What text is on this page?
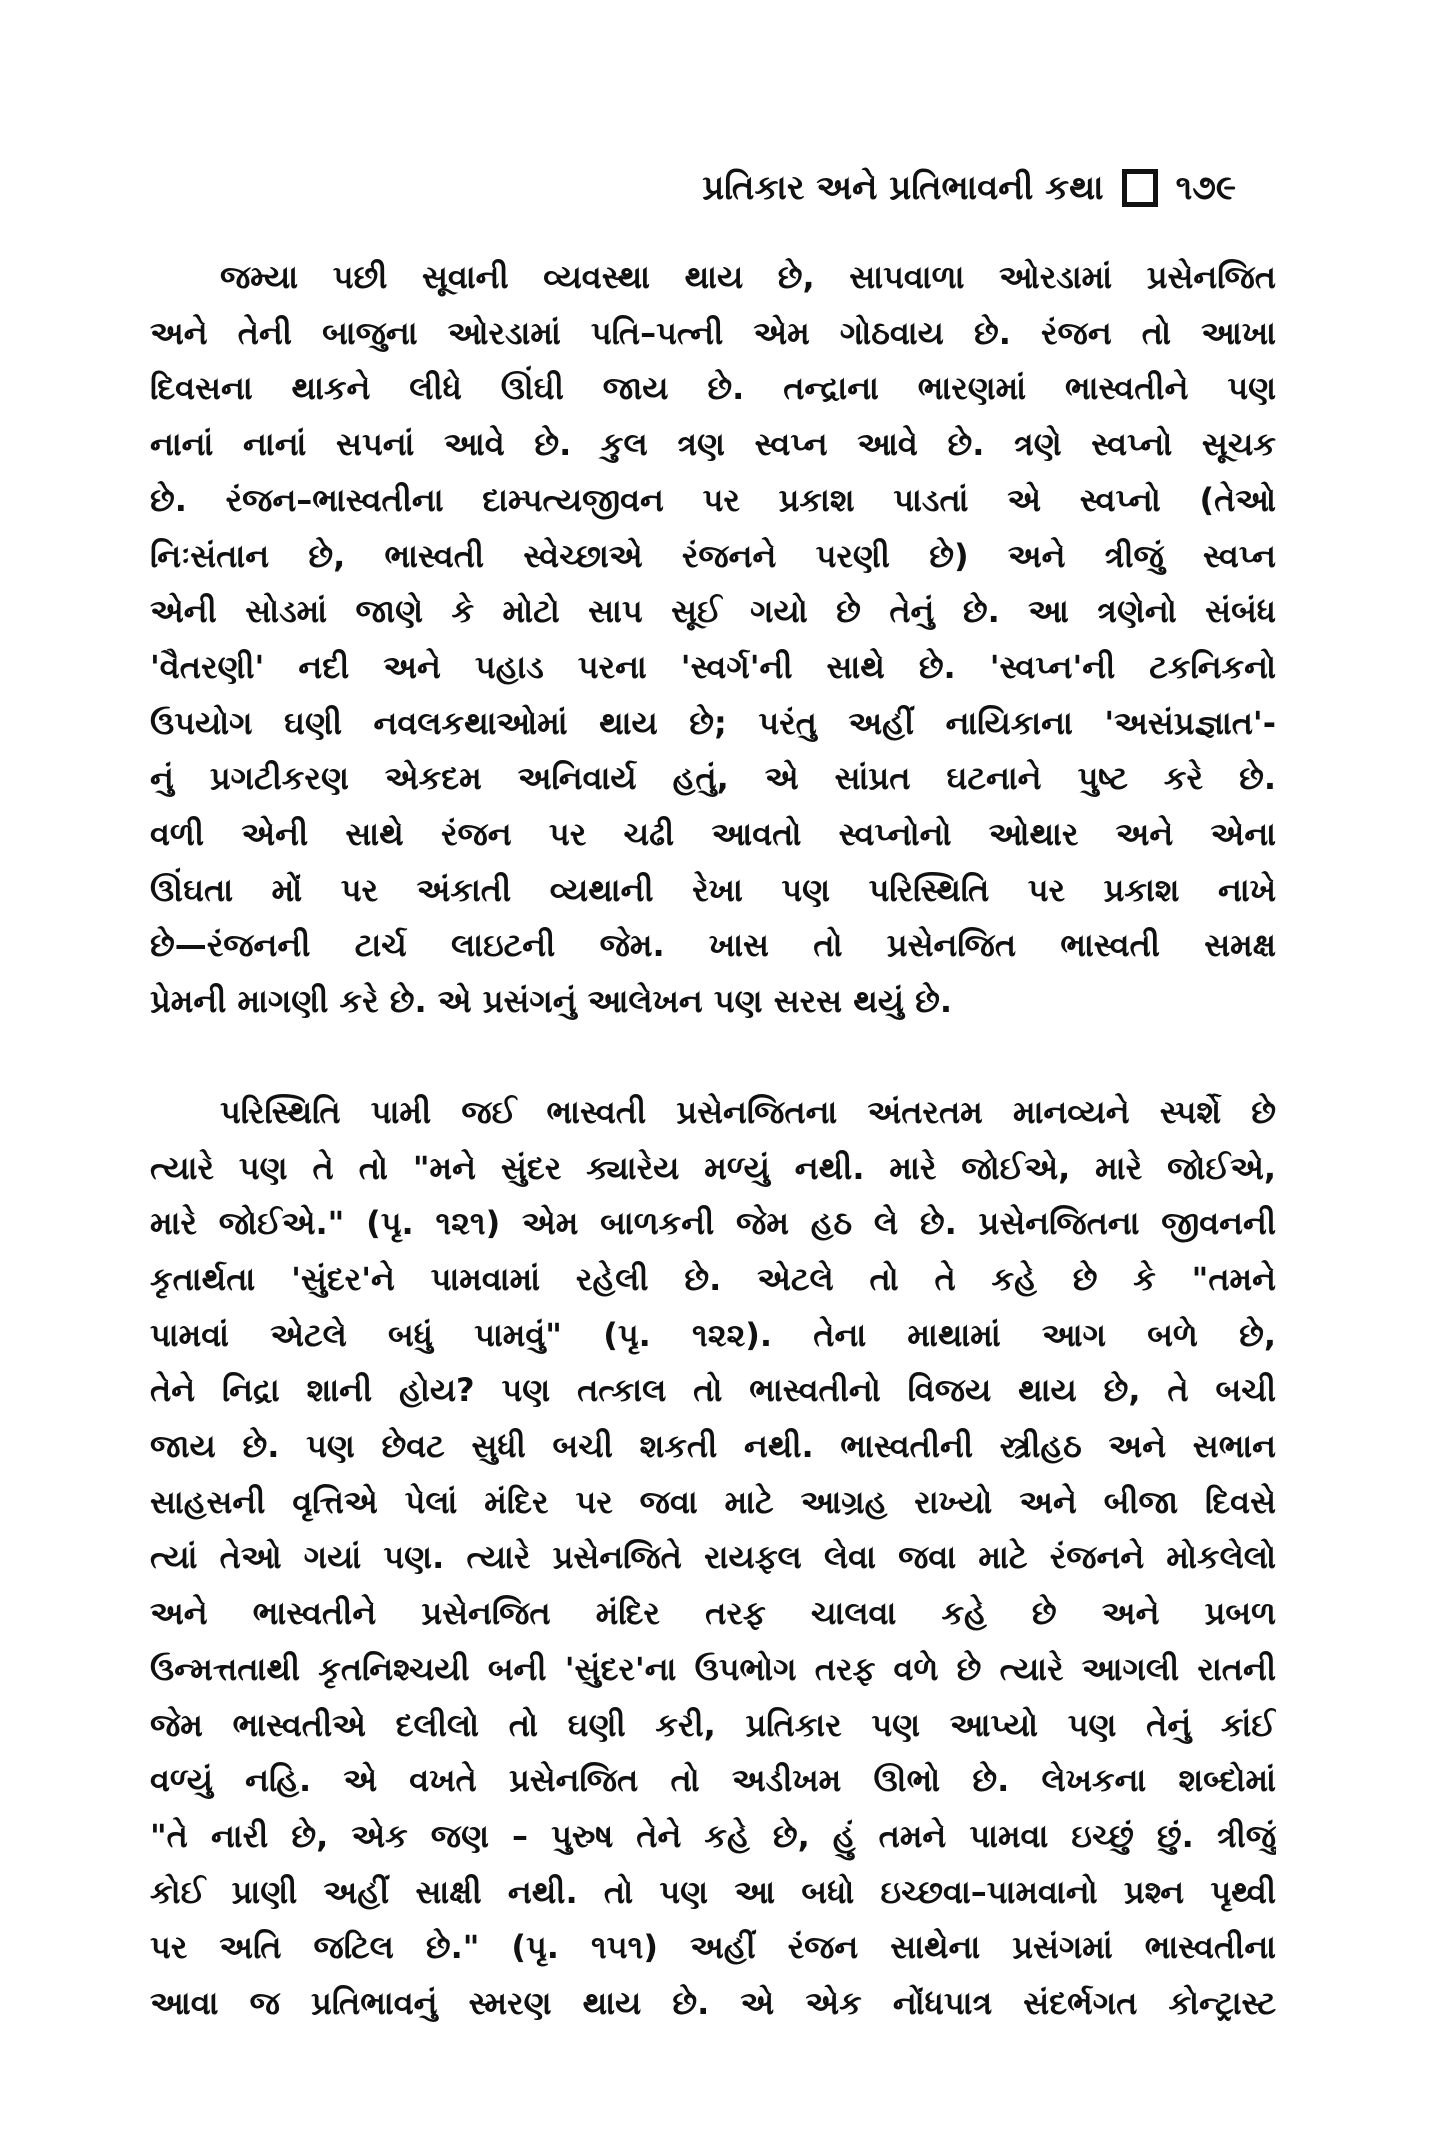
પ્રતિકાર અને પ્રતિભાવની કથા ૧૭૯

જમ્યા પછી સૂવાની વ્યવસ્થા થાય છે, સાપવાળા ઓરડામાં પ્રસેનજિત
અને તેની બાજુના ઓરડામાં પતિ–પત્ની એમ ગોઠવાય છે. રંજન તો આખા
દિવસના થાકને લીધે ઊંઘી જાય છે. તન્દ્રાના ભારણમાં ભાસ્વતીને પણ
નાનાં નાનાં સપનાં આવે છે. કુલ ત્રણ સ્વપ્ન આવે છે. ત્રણે સ્વપ્નો સૂચક
છે. રંજન–ભાસ્વતીના દામ્પત્યજીવન પર પ્રકાશ પાડતાં એ સ્વપ્નો (તેઓ
નિઃસંતાન છે, ભાસ્વતી સ્વેચ્છાએ રંજનને પરણી છે) અને ત્રીજું સ્વપ્ન
એની સોડમાં જાણે કે મોટો સાપ સૂઈ ગયો છે તેનું છે. આ ત્રણેનો સંબંધ
'વૈતરણી' નદી અને પહાડ પરના 'સ્વર્ગ'ની સાથે છે. 'સ્વપ્ન'ની ટકનિકનો
ઉપયોગ ઘણી નવલકથાઓમાં થાય છે; પરંતુ અહીં નાયિકાના 'અસંપ્રજ્ઞાત'-
નું પ્રગટીકરણ એકદમ અનિવાર્ય હતું, એ સાંપ્રત ઘટનાને પુષ્ટ કરે છે.
વળી એની સાથે રંજન પર ચઢી આવતો સ્વપ્નોનો ઓથાર અને એના
ઊંઘતા મોં પર અંકાતી વ્યથાની રેખા પણ પરિસ્થિતિ પર પ્રકાશ નાખે
છે—રંજનની ટાર્ચ લાઇટની જેમ. ખાસ તો પ્રસેનજિત ભાસ્વતી સમક્ષ
પ્રેમની માગણી કરે છે. એ પ્રસંગનું આલેખન પણ સરસ થયું છે.

પરિસ્થિતિ પામી જઈ ભાસ્વતી પ્રસેનજિતના અંતરતમ માનવ્યને સ્પર્શે છે
ત્યારે પણ તે તો "મને સુંદર ક્યારેય મળ્યું નથી. મારે જોઈએ, મારે જોઈએ,
મારે જોઈએ." (પૃ. ૧૨૧) એમ બાળકની જેમ હઠ લે છે. પ્રસેનજિતના જીવનની
કૃતાર્થતા 'સુંદર'ને પામવામાં રહેલી છે. એટલે તો તે કહે છે કે "તમને
પામવાં એટલે બધું પામવું" (પૃ. ૧૨૨). તેના માથામાં આગ બળે છે,
તેને નિદ્રા શાની હોય? પણ તત્કાલ તો ભાસ્વતીનો વિજય થાય છે, તે બચી
જાય છે. પણ છેવટ સુધી બચી શકતી નથી. ભાસ્વતીની સ્ત્રીહઠ અને સભાન
સાહસની વૃત્તિએ પેલાં મંદિર પર જવા માટે આગ્રહ રાખ્યો અને બીજા દિવસે
ત્યાં તેઓ ગયાં પણ. ત્યારે પ્રસેનજિતે રાયફલ લેવા જવા માટે રંજનને મોકલેલો
અને ભાસ્વતીને પ્રસેનજિત મંદિર તરફ ચાલવા કહે છે અને પ્રબળ
ઉન્મત્તતાથી કૃતનિશ્ચયી બની 'સુંદર'ના ઉપભોગ તરફ વળે છે ત્યારે આગલી રાતની
જેમ ભાસ્વતીએ દલીલો તો ઘણી કરી, પ્રતિકાર પણ આપ્યો પણ તેનું કાંઈ
વળ્યું નહિ. એ વખતે પ્રસેનજિત તો અડીખમ ઊભો છે. લેખકના શબ્દોમાં
"તે નારી છે, એક જણ – પુરુષ તેને કહે છે, હું તમને પામવા ઇચ્છું છું. ત્રીજું
કોઈ પ્રાણી અહીં સાક્ષી નથી. તો પણ આ બધો ઇચ્છવા–પામવાનો પ્રશ્ન પૃથ્વી
પર અતિ જટિલ છે." (પૃ. ૧૫૧) અહીં રંજન સાથેના પ્રસંગમાં ભાસ્વતીના
આવા જ પ્રતિભાવનું સ્મરણ થાય છે. એ એક નોંધપાત્ર સંદર્ભગત કોન્ટ્રાસ્ટ
